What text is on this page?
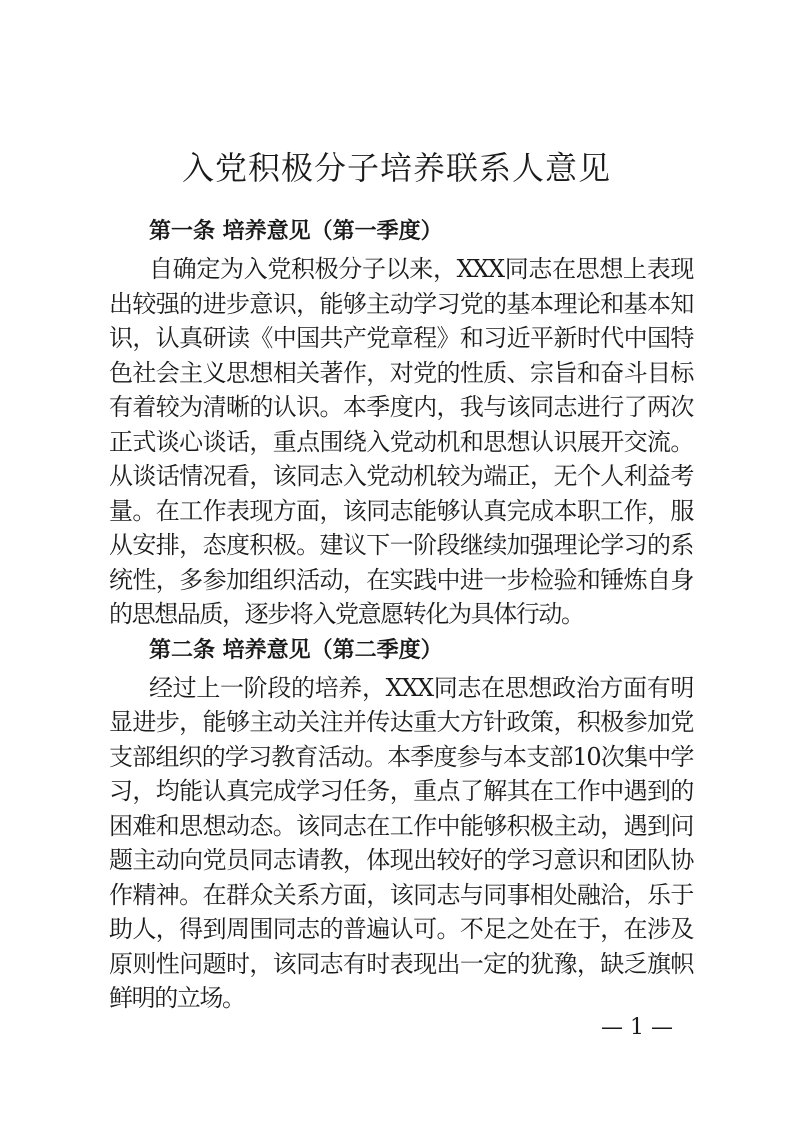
入党积极分子培养联系人意见

第一条 培养意见（第一季度）

自确定为入党积极分子以来，XXX同志在思想上表现出较强的进步意识，能够主动学习党的基本理论和基本知识，认真研读《中国共产党章程》和习近平新时代中国特色社会主义思想相关著作，对党的性质、宗旨和奋斗目标有着较为清晰的认识。本季度内，我与该同志进行了两次正式谈心谈话，重点围绕入党动机和思想认识展开交流。从谈话情况看，该同志入党动机较为端正，无个人利益考量。在工作表现方面，该同志能够认真完成本职工作，服从安排，态度积极。建议下一阶段继续加强理论学习的系统性，多参加组织活动，在实践中进一步检验和锤炼自身的思想品质，逐步将入党意愿转化为具体行动。

第二条 培养意见（第二季度）

经过上一阶段的培养，XXX同志在思想政治方面有明显进步，能够主动关注并传达重大方针政策，积极参加党支部组织的学习教育活动。本季度参与本支部10次集中学习，均能认真完成学习任务，重点了解其在工作中遇到的困难和思想动态。该同志在工作中能够积极主动，遇到问题主动向党员同志请教，体现出较好的学习意识和团队协作精神。在群众关系方面，该同志与同事相处融洽，乐于助人，得到周围同志的普遍认可。不足之处在于，在涉及原则性问题时，该同志有时表现出一定的犹豫，缺乏旗帜鲜明的立场。

— 1 —
